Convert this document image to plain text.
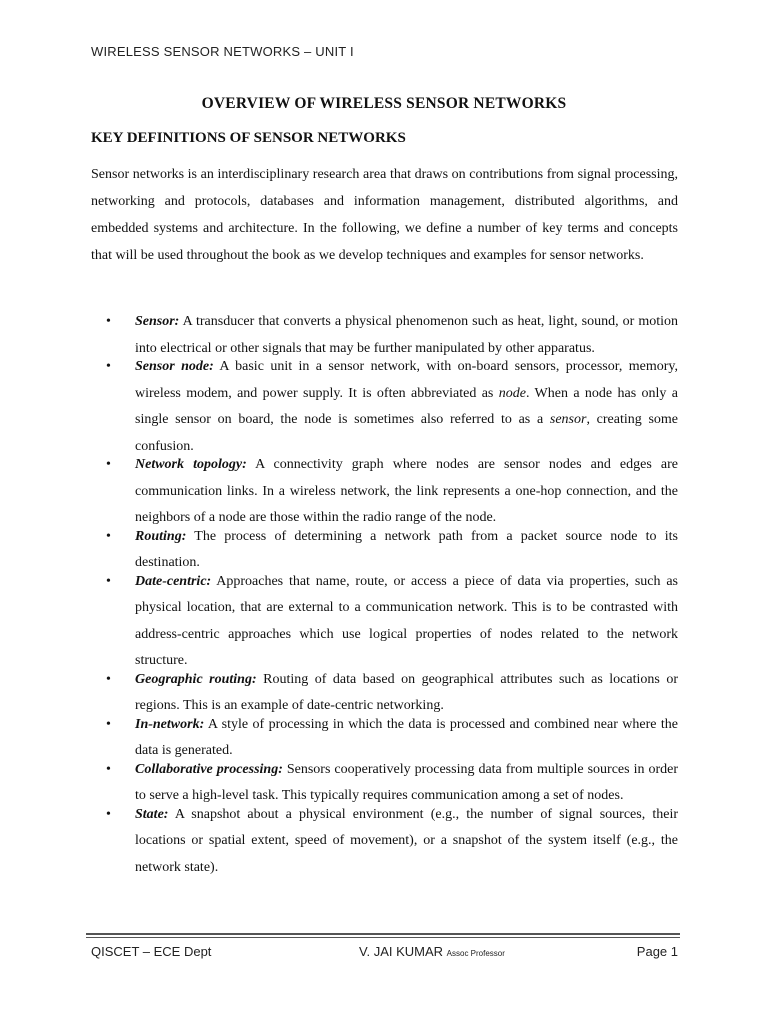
WIRELESS SENSOR NETWORKS – UNIT I
OVERVIEW OF WIRELESS SENSOR NETWORKS
KEY DEFINITIONS OF SENSOR NETWORKS

Sensor networks is an interdisciplinary research area that draws on contributions from signal processing, networking and protocols, databases and information management, distributed algorithms, and embedded systems and architecture. In the following, we define a number of key terms and concepts that will be used throughout the book as we develop techniques and examples for sensor networks.

• Sensor: A transducer that converts a physical phenomenon such as heat, light, sound, or motion into electrical or other signals that may be further manipulated by other apparatus.
• Sensor node: A basic unit in a sensor network, with on-board sensors, processor, memory, wireless modem, and power supply. It is often abbreviated as node. When a node has only a single sensor on board, the node is sometimes also referred to as a sensor, creating some confusion.
• Network topology: A connectivity graph where nodes are sensor nodes and edges are communication links. In a wireless network, the link represents a one-hop connection, and the neighbors of a node are those within the radio range of the node.
• Routing: The process of determining a network path from a packet source node to its destination.
• Date-centric: Approaches that name, route, or access a piece of data via properties, such as physical location, that are external to a communication network. This is to be contrasted with address-centric approaches which use logical properties of nodes related to the network structure.
• Geographic routing: Routing of data based on geographical attributes such as locations or regions. This is an example of date-centric networking.
• In-network: A style of processing in which the data is processed and combined near where the data is generated.
• Collaborative processing: Sensors cooperatively processing data from multiple sources in order to serve a high-level task. This typically requires communication among a set of nodes.
• State: A snapshot about a physical environment (e.g., the number of signal sources, their locations or spatial extent, speed of movement), or a snapshot of the system itself (e.g., the network state).
QISCET – ECE Dept	V. JAI KUMAR Assoc Professor	Page 1
